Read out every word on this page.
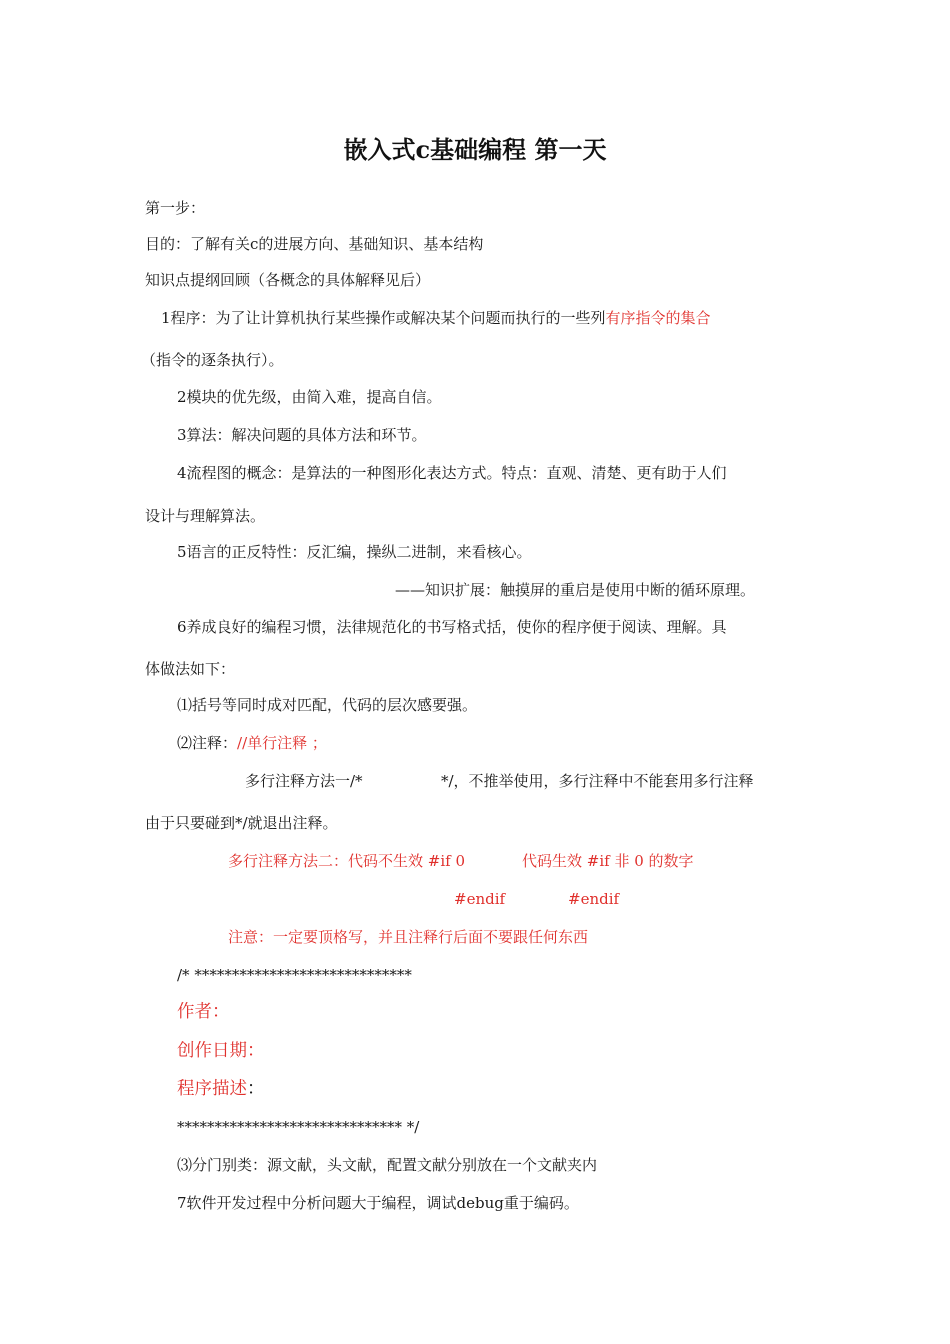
嵌入式c基础编程 第一天
第一步：
目的：了解有关c的进展方向、基础知识、基本结构
知识点提纲回顾（各概念的具体解释见后）
1程序：为了让计算机执行某些操作或解决某个问题而执行的一些列有序指令的集合
（指令的逐条执行）。
2模块的优先级，由简入难，提高自信。
3算法：解决问题的具体方法和环节。
4流程图的概念：是算法的一种图形化表达方式。特点：直观、清楚、更有助于人们
设计与理解算法。
5语言的正反特性：反汇编，操纵二进制，来看核心。
——知识扩展：触摸屏的重启是使用中断的循环原理。
6养成良好的编程习惯，法律规范化的书写格式括，使你的程序便于阅读、理解。具
体做法如下：
⑴括号等同时成对匹配，代码的层次感要强。
⑵注释：//单行注释 ；
多行注释方法一/*	*/，不推举使用，多行注释中不能套用多行注释
由于只要碰到*/就退出注释。
多行注释方法二：代码不生效 #if 0	代码生效 #if 非 0 的数字
#endif	#endif
注意：一定要顶格写，并且注释行后面不要跟任何东西
/* *****************************
作者：
创作日期：
程序描述：
****************************** */
⑶分门别类：源文献，头文献，配置文献分别放在一个文献夹内
7软件开发过程中分析问题大于编程，调试debug重于编码。
